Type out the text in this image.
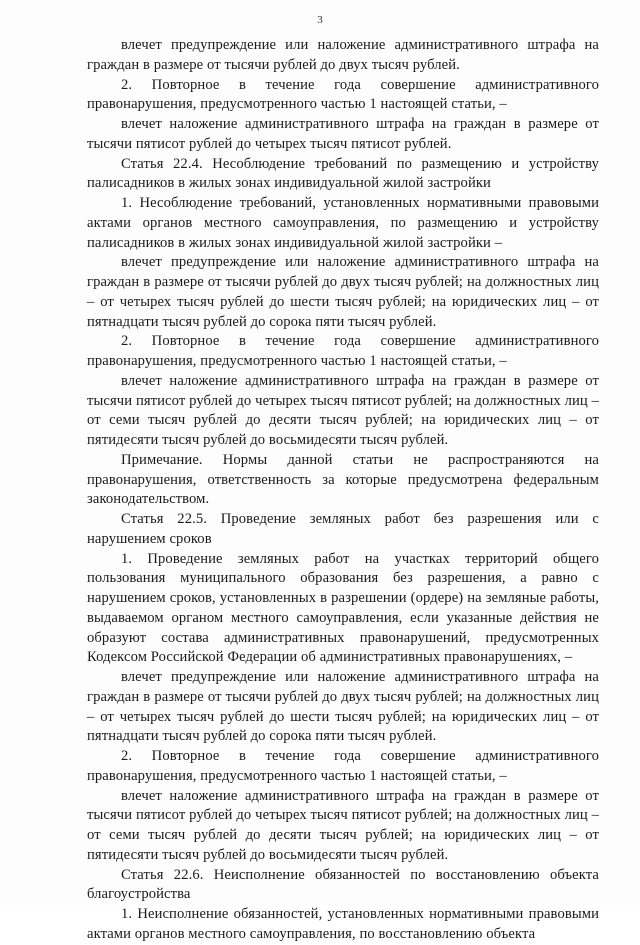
3

влечет предупреждение или наложение административного штрафа на граждан в размере от тысячи рублей до двух тысяч рублей.

2. Повторное в течение года совершение административного правонарушения, предусмотренного частью 1 настоящей статьи, –

влечет наложение административного штрафа на граждан в размере от тысячи пятисот рублей до четырех тысяч пятисот рублей.

Статья 22.4. Несоблюдение требований по размещению и устройству палисадников в жилых зонах индивидуальной жилой застройки

1. Несоблюдение требований, установленных нормативными правовыми актами органов местного самоуправления, по размещению и устройству палисадников в жилых зонах индивидуальной жилой застройки –

влечет предупреждение или наложение административного штрафа на граждан в размере от тысячи рублей до двух тысяч рублей; на должностных лиц – от четырех тысяч рублей до шести тысяч рублей; на юридических лиц – от пятнадцати тысяч рублей до сорока пяти тысяч рублей.

2. Повторное в течение года совершение административного правонарушения, предусмотренного частью 1 настоящей статьи, –

влечет наложение административного штрафа на граждан в размере от тысячи пятисот рублей до четырех тысяч пятисот рублей; на должностных лиц – от семи тысяч рублей до десяти тысяч рублей; на юридических лиц – от пятидесяти тысяч рублей до восьмидесяти тысяч рублей.

Примечание. Нормы данной статьи не распространяются на правонарушения, ответственность за которые предусмотрена федеральным законодательством.

Статья 22.5. Проведение земляных работ без разрешения или с нарушением сроков

1. Проведение земляных работ на участках территорий общего пользования муниципального образования без разрешения, а равно с нарушением сроков, установленных в разрешении (ордере) на земляные работы, выдаваемом органом местного самоуправления, если указанные действия не образуют состава административных правонарушений, предусмотренных Кодексом Российской Федерации об административных правонарушениях, –

влечет предупреждение или наложение административного штрафа на граждан в размере от тысячи рублей до двух тысяч рублей; на должностных лиц – от четырех тысяч рублей до шести тысяч рублей; на юридических лиц – от пятнадцати тысяч рублей до сорока пяти тысяч рублей.

2. Повторное в течение года совершение административного правонарушения, предусмотренного частью 1 настоящей статьи, –

влечет наложение административного штрафа на граждан в размере от тысячи пятисот рублей до четырех тысяч пятисот рублей; на должностных лиц – от семи тысяч рублей до десяти тысяч рублей; на юридических лиц – от пятидесяти тысяч рублей до восьмидесяти тысяч рублей.

Статья 22.6. Неисполнение обязанностей по восстановлению объекта благоустройства

1. Неисполнение обязанностей, установленных нормативными правовыми актами органов местного самоуправления, по восстановлению объекта
